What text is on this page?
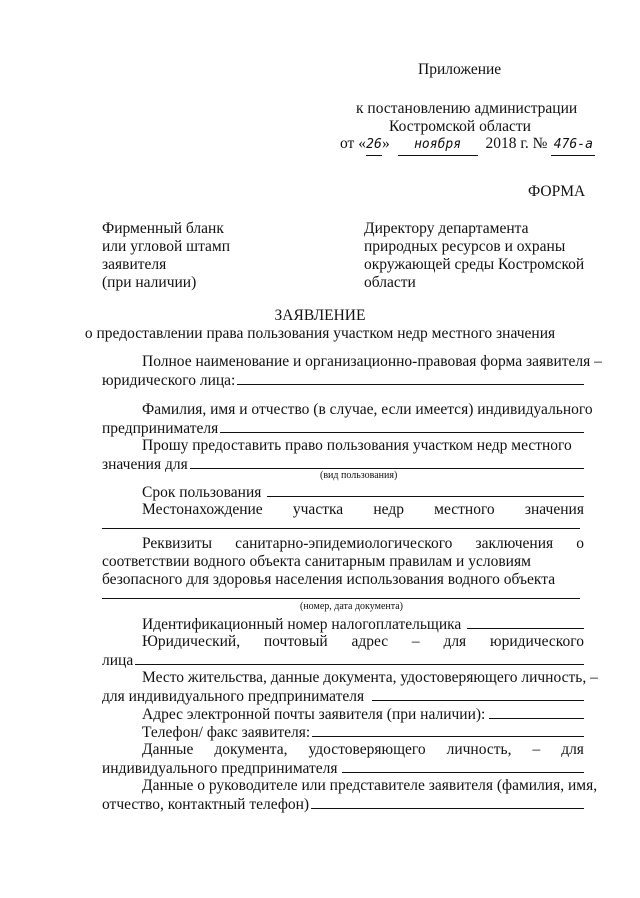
Приложение
к постановлению администрации
Костромской области
от «26» ноября 2018 г. № 476-а
ФОРМА
Фирменный бланк
или угловой штамп
заявителя
(при наличии)
Директору департамента
природных ресурсов и охраны
окружающей среды Костромской
области
ЗАЯВЛЕНИЕ
о предоставлении права пользования участком недр местного значения
Полное наименование и организационно-правовая форма заявителя –
юридического лица:
Фамилия, имя и отчество (в случае, если имеется) индивидуального
предпринимателя
Прошу предоставить право пользования участком недр местного
значения для
(вид пользования)
Срок пользования
Местонахождение участка недр местного значения
Реквизиты санитарно-эпидемиологического заключения о
соответствии водного объекта санитарным правилам и условиям
безопасного для здоровья населения использования водного объекта
(номер, дата документа)
Идентификационный номер налогоплательщика
Юридический, почтовый адрес – для юридического
лица
Место жительства, данные документа, удостоверяющего личность, –
для индивидуального предпринимателя
Адрес электронной почты заявителя (при наличии):
Телефон/ факс заявителя:
Данные документа, удостоверяющего личность, – для
индивидуального предпринимателя
Данные о руководителе или представителе заявителя (фамилия, имя,
отчество, контактный телефон)
